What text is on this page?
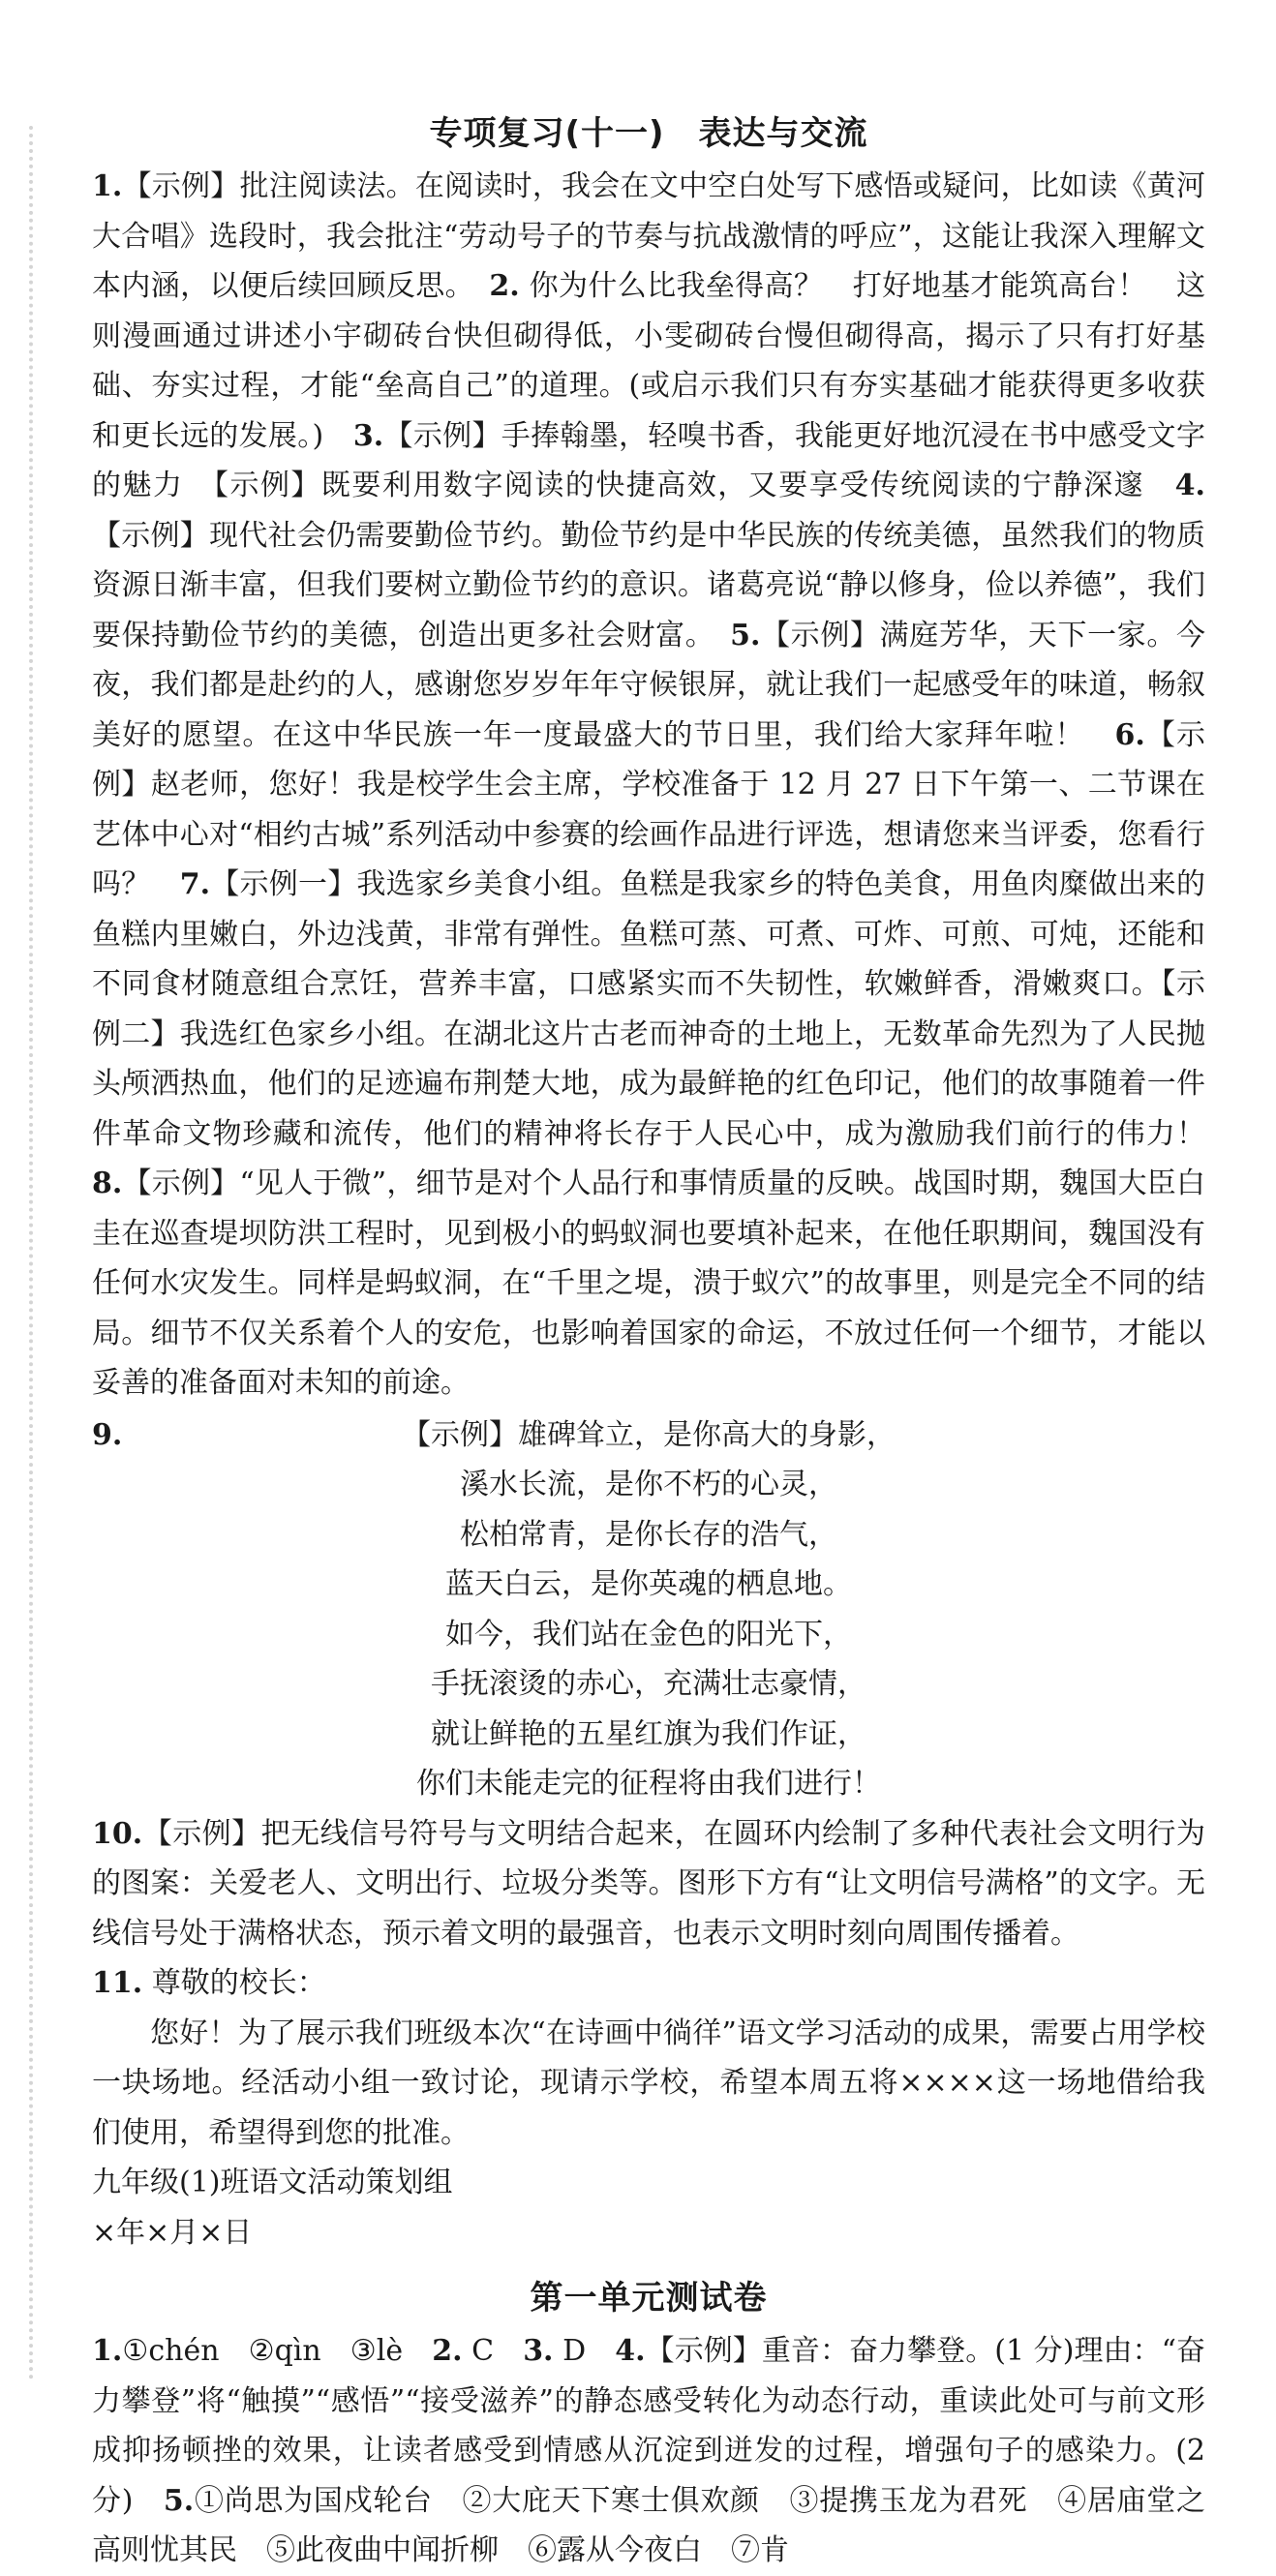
专项复习(十一)　表达与交流

1.【示例】批注阅读法。在阅读时，我会在文中空白处写下感悟或疑问，比如读《黄河大合唱》选段时，我会批注“劳动号子的节奏与抗战激情的呼应”，这能让我深入理解文本内涵，以便后续回顾反思。　2. 你为什么比我垒得高？　打好地基才能筑高台！　这则漫画通过讲述小宇砌砖台快但砌得低，小雯砌砖台慢但砌得高，揭示了只有打好基础、夯实过程，才能“垒高自己”的道理。(或启示我们只有夯实基础才能获得更多收获和更长远的发展。)　3.【示例】手捧翰墨，轻嗅书香，我能更好地沉浸在书中感受文字的魅力　【示例】既要利用数字阅读的快捷高效，又要享受传统阅读的宁静深邃　4.【示例】现代社会仍需要勤俭节约。勤俭节约是中华民族的传统美德，虽然我们的物质资源日渐丰富，但我们要树立勤俭节约的意识。诸葛亮说“静以修身，俭以养德”，我们要保持勤俭节约的美德，创造出更多社会财富。　5.【示例】满庭芳华，天下一家。今夜，我们都是赴约的人，感谢您岁岁年年守候银屏，就让我们一起感受年的味道，畅叙美好的愿望。在这中华民族一年一度最盛大的节日里，我们给大家拜年啦！　6.【示例】赵老师，您好！我是校学生会主席，学校准备于 12 月 27 日下午第一、二节课在艺体中心对“相约古城”系列活动中参赛的绘画作品进行评选，想请您来当评委，您看行吗？　7.【示例一】我选家乡美食小组。鱼糕是我家乡的特色美食，用鱼肉糜做出来的鱼糕内里嫩白，外边浅黄，非常有弹性。鱼糕可蒸、可煮、可炸、可煎、可炖，还能和不同食材随意组合烹饪，营养丰富，口感紧实而不失韧性，软嫩鲜香，滑嫩爽口。【示例二】我选红色家乡小组。在湖北这片古老而神奇的土地上，无数革命先烈为了人民抛头颅洒热血，他们的足迹遍布荆楚大地，成为最鲜艳的红色印记，他们的故事随着一件件革命文物珍藏和流传，他们的精神将长存于人民心中，成为激励我们前行的伟力！　8.【示例】“见人于微”，细节是对个人品行和事情质量的反映。战国时期，魏国大臣白圭在巡查堤坝防洪工程时，见到极小的蚂蚁洞也要填补起来，在他任职期间，魏国没有任何水灾发生。同样是蚂蚁洞，在“千里之堤，溃于蚁穴”的故事里，则是完全不同的结局。细节不仅关系着个人的安危，也影响着国家的命运，不放过任何一个细节，才能以妥善的准备面对未知的前途。

9.	【示例】雄碑耸立，是你高大的身影，
溪水长流，是你不朽的心灵，
松柏常青，是你长存的浩气，
蓝天白云，是你英魂的栖息地。
如今，我们站在金色的阳光下，
手抚滚烫的赤心，充满壮志豪情，
就让鲜艳的五星红旗为我们作证，
你们未能走完的征程将由我们进行！

10.【示例】把无线信号符号与文明结合起来，在圆环内绘制了多种代表社会文明行为的图案：关爱老人、文明出行、垃圾分类等。图形下方有“让文明信号满格”的文字。无线信号处于满格状态，预示着文明的最强音，也表示文明时刻向周围传播着。

11. 尊敬的校长：

您好！为了展示我们班级本次“在诗画中徜徉”语文学习活动的成果，需要占用学校一块场地。经活动小组一致讨论，现请示学校，希望本周五将××××这一场地借给我们使用，希望得到您的批准。

九年级(1)班语文活动策划组

×年×月×日

第一单元测试卷

1.①chén　②qìn　③lè　2. C　3. D　4.【示例】重音：奋力攀登。(1 分)理由：“奋力攀登”将“触摸”“感悟”“接受滋养”的静态感受转化为动态行动，重读此处可与前文形成抑扬顿挫的效果，让读者感受到情感从沉淀到迸发的过程，增强句子的感染力。(2 分)　5.①尚思为国戍轮台　②大庇天下寒士俱欢颜　③提携玉龙为君死　④居庙堂之高则忧其民　⑤此夜曲中闻折柳　⑥露从今夜白　⑦肯
